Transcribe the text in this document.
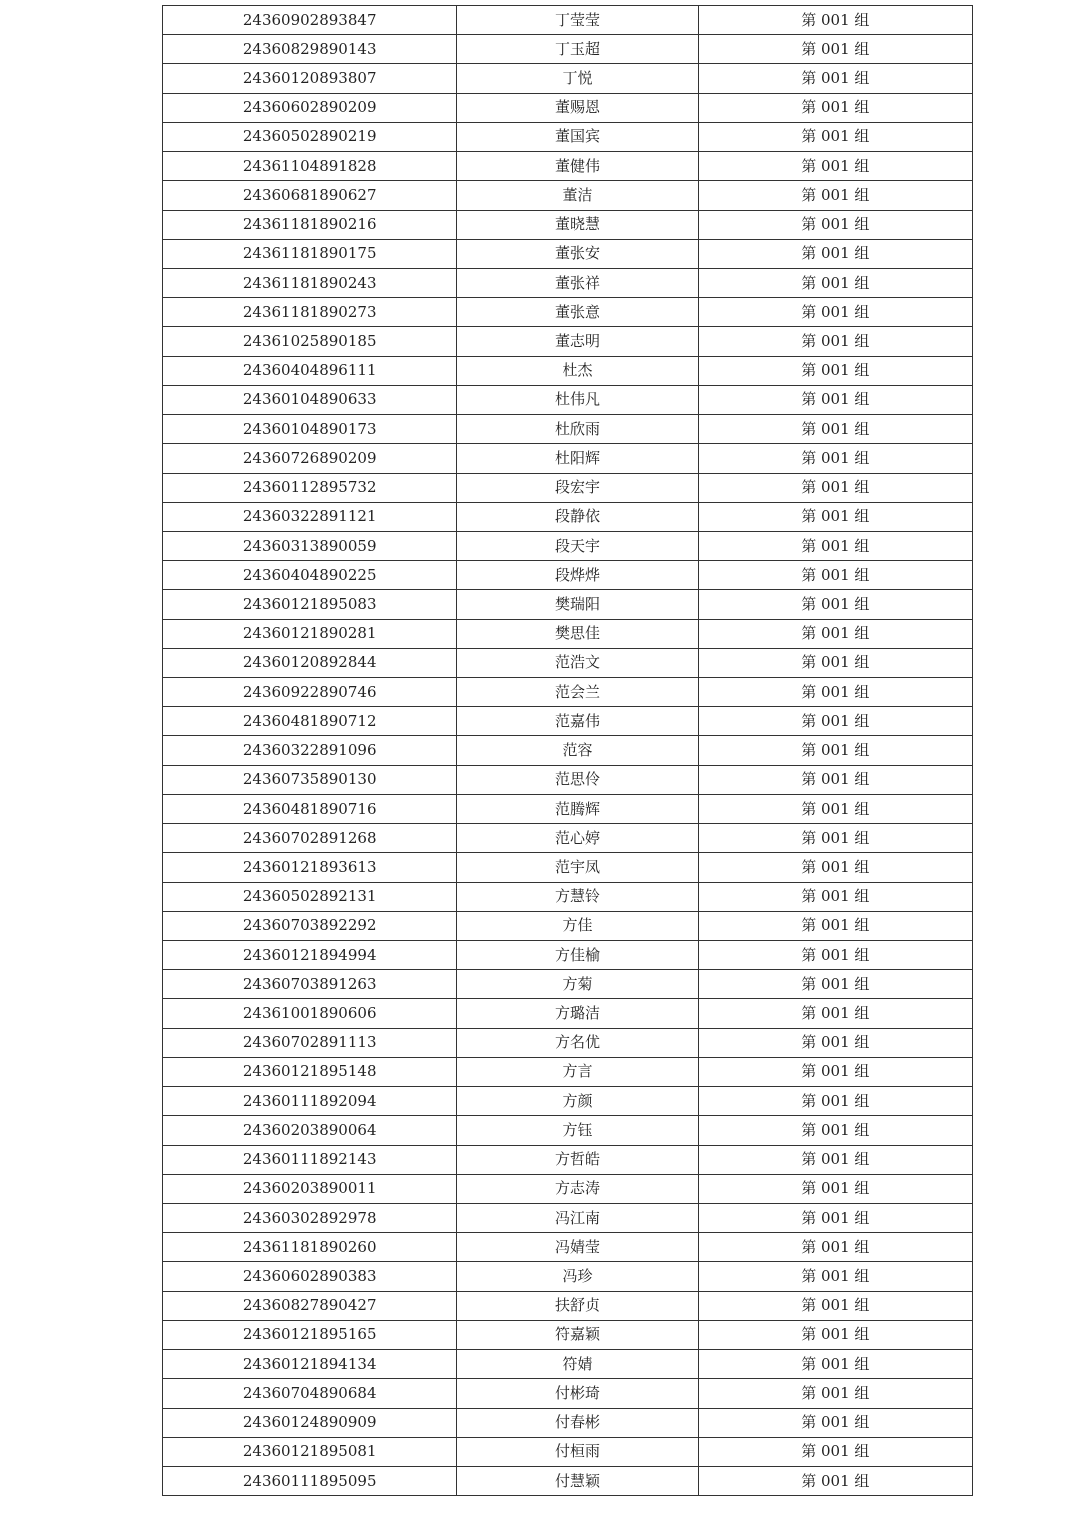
24360902893847	丁莹莹	第 001 组
24360829890143	丁玉超	第 001 组
24360120893807	丁悦	第 001 组
24360602890209	董赐恩	第 001 组
24360502890219	董国宾	第 001 组
24361104891828	董健伟	第 001 组
24360681890627	董洁	第 001 组
24361181890216	董晓慧	第 001 组
24361181890175	董张安	第 001 组
24361181890243	董张祥	第 001 组
24361181890273	董张意	第 001 组
24361025890185	董志明	第 001 组
24360404896111	杜杰	第 001 组
24360104890633	杜伟凡	第 001 组
24360104890173	杜欣雨	第 001 组
24360726890209	杜阳辉	第 001 组
24360112895732	段宏宇	第 001 组
24360322891121	段静依	第 001 组
24360313890059	段天宇	第 001 组
24360404890225	段烨烨	第 001 组
24360121895083	樊瑞阳	第 001 组
24360121890281	樊思佳	第 001 组
24360120892844	范浩文	第 001 组
24360922890746	范会兰	第 001 组
24360481890712	范嘉伟	第 001 组
24360322891096	范容	第 001 组
24360735890130	范思伶	第 001 组
24360481890716	范腾辉	第 001 组
24360702891268	范心婷	第 001 组
24360121893613	范宇凤	第 001 组
24360502892131	方慧铃	第 001 组
24360703892292	方佳	第 001 组
24360121894994	方佳榆	第 001 组
24360703891263	方菊	第 001 组
24361001890606	方璐洁	第 001 组
24360702891113	方名优	第 001 组
24360121895148	方言	第 001 组
24360111892094	方颜	第 001 组
24360203890064	方钰	第 001 组
24360111892143	方哲皓	第 001 组
24360203890011	方志涛	第 001 组
24360302892978	冯江南	第 001 组
24361181890260	冯婧莹	第 001 组
24360602890383	冯珍	第 001 组
24360827890427	扶舒贞	第 001 组
24360121895165	符嘉颖	第 001 组
24360121894134	符婧	第 001 组
24360704890684	付彬琦	第 001 组
24360124890909	付春彬	第 001 组
24360121895081	付桓雨	第 001 组
24360111895095	付慧颖	第 001 组
